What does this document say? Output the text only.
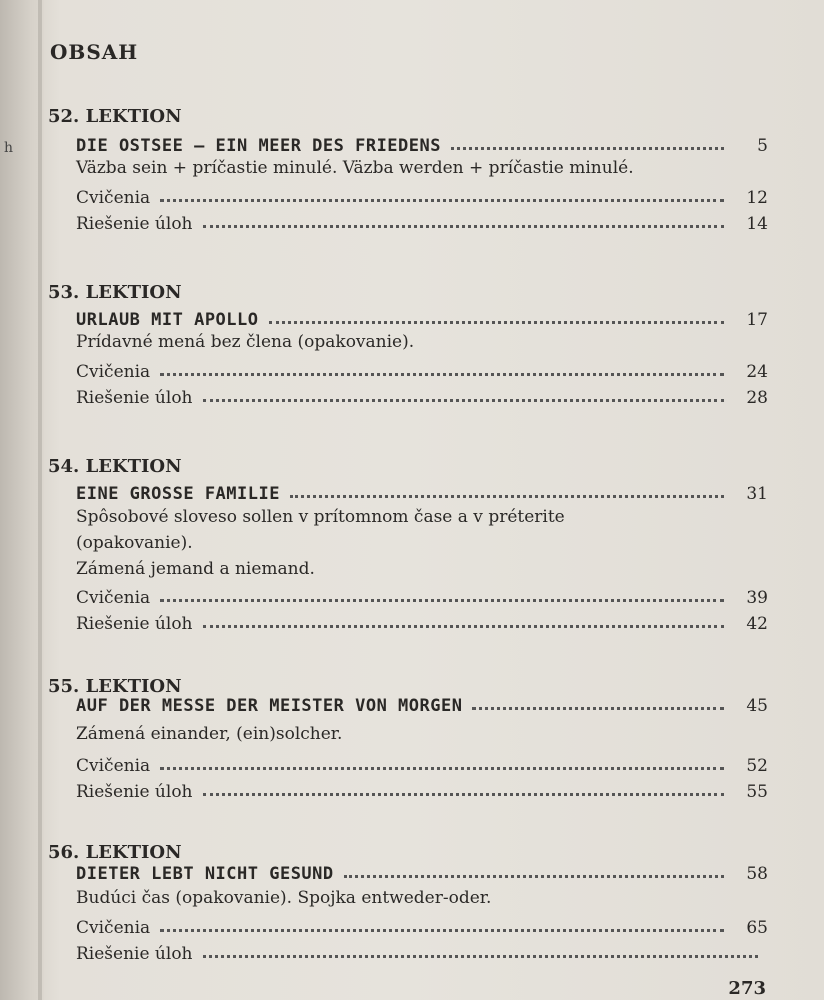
h
OBSAH
52. LEKTION
DIE OSTSEE — EIN MEER DES FRIEDENS	5
Väzba sein + príčastie minulé. Väzba werden + príčastie minulé.
Cvičenia	12
Riešenie úloh	14
53. LEKTION
URLAUB MIT APOLLO	17
Prídavné mená bez člena (opakovanie).
Cvičenia	24
Riešenie úloh	28
54. LEKTION
EINE GROSSE FAMILIE	31
Spôsobové sloveso sollen v prítomnom čase a v préterite
(opakovanie).
Zámená jemand a niemand.
Cvičenia	39
Riešenie úloh	42
55. LEKTION
AUF DER MESSE DER MEISTER VON MORGEN	45
Zámená einander, (ein)solcher.
Cvičenia	52
Riešenie úloh	55
56. LEKTION
DIETER LEBT NICHT GESUND	58
Budúci čas (opakovanie). Spojka entweder-oder.
Cvičenia	65
Riešenie úloh
273
